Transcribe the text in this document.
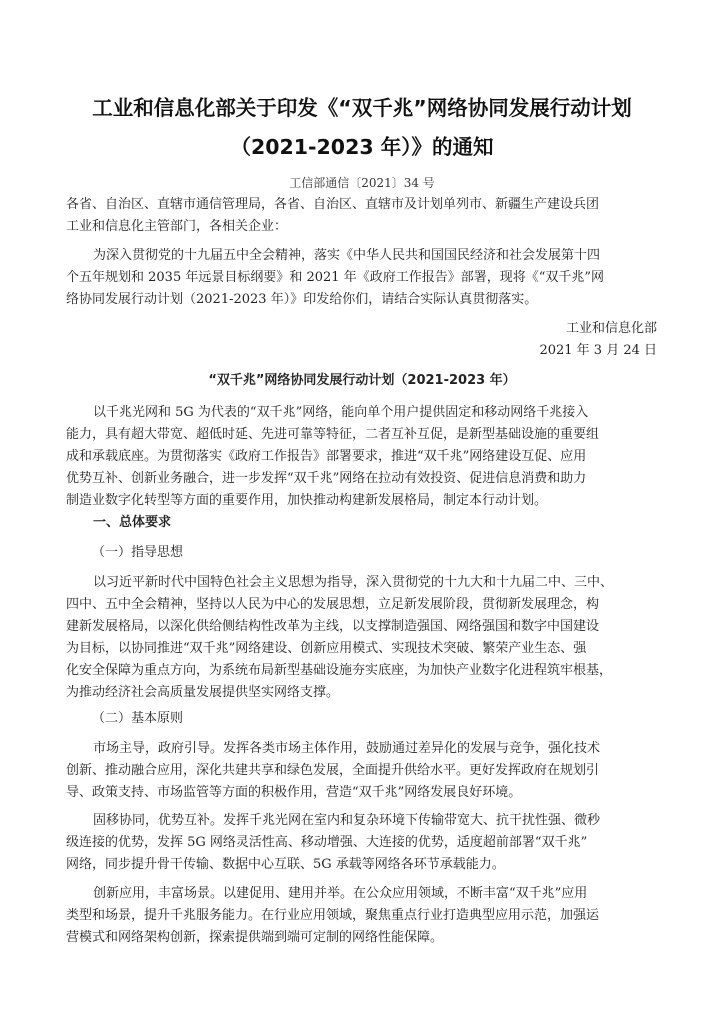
工业和信息化部关于印发《“双千兆”网络协同发展行动计划
（2021-2023 年）》的通知
工信部通信〔2021〕34 号
各省、自治区、直辖市通信管理局，各省、自治区、直辖市及计划单列市、新疆生产建设兵团
工业和信息化主管部门，各相关企业：
为深入贯彻党的十九届五中全会精神，落实《中华人民共和国国民经济和社会发展第十四
个五年规划和 2035 年远景目标纲要》和 2021 年《政府工作报告》部署，现将《“双千兆”网
络协同发展行动计划（2021-2023 年）》印发给你们，请结合实际认真贯彻落实。
工业和信息化部
2021 年 3 月 24 日
“双千兆”网络协同发展行动计划（2021-2023 年）
以千兆光网和 5G 为代表的“双千兆”网络，能向单个用户提供固定和移动网络千兆接入
能力，具有超大带宽、超低时延、先进可靠等特征，二者互补互促，是新型基础设施的重要组
成和承载底座。为贯彻落实《政府工作报告》部署要求，推进“双千兆”网络建设互促、应用
优势互补、创新业务融合，进一步发挥“双千兆”网络在拉动有效投资、促进信息消费和助力
制造业数字化转型等方面的重要作用，加快推动构建新发展格局，制定本行动计划。
一、总体要求
（一）指导思想
以习近平新时代中国特色社会主义思想为指导，深入贯彻党的十九大和十九届二中、三中、
四中、五中全会精神，坚持以人民为中心的发展思想，立足新发展阶段，贯彻新发展理念，构
建新发展格局，以深化供给侧结构性改革为主线，以支撑制造强国、网络强国和数字中国建设
为目标，以协同推进“双千兆”网络建设、创新应用模式、实现技术突破、繁荣产业生态、强
化安全保障为重点方向，为系统布局新型基础设施夯实底座，为加快产业数字化进程筑牢根基，
为推动经济社会高质量发展提供坚实网络支撑。
（二）基本原则
市场主导，政府引导。发挥各类市场主体作用，鼓励通过差异化的发展与竞争，强化技术
创新、推动融合应用，深化共建共享和绿色发展，全面提升供给水平。更好发挥政府在规划引
导、政策支持、市场监管等方面的积极作用，营造“双千兆”网络发展良好环境。
固移协同，优势互补。发挥千兆光网在室内和复杂环境下传输带宽大、抗干扰性强、微秒
级连接的优势，发挥 5G 网络灵活性高、移动增强、大连接的优势，适度超前部署“双千兆”
网络，同步提升骨干传输、数据中心互联、5G 承载等网络各环节承载能力。
创新应用，丰富场景。以建促用、建用并举。在公众应用领域，不断丰富“双千兆”应用
类型和场景，提升千兆服务能力。在行业应用领域，聚焦重点行业打造典型应用示范，加强运
营模式和网络架构创新，探索提供端到端可定制的网络性能保障。
